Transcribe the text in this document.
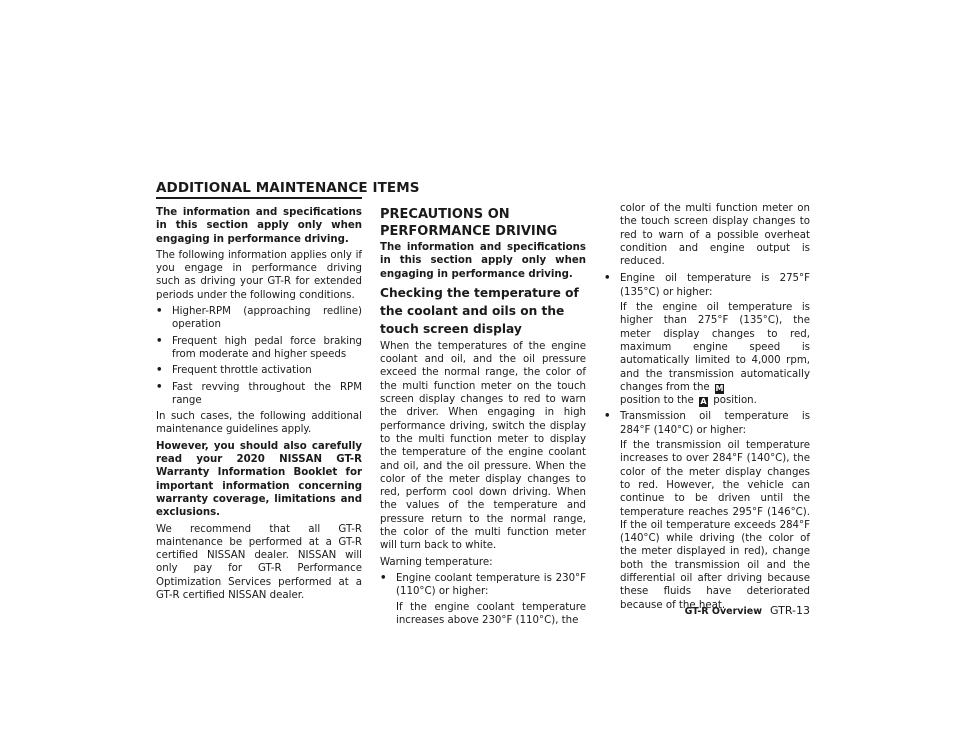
ADDITIONAL MAINTENANCE ITEMS

The information and specifications in this section apply only when engaging in performance driving.

The following information applies only if you engage in performance driving such as driving your GT-R for extended periods under the following conditions.

• Higher-RPM (approaching redline) operation
• Frequent high pedal force braking from moderate and higher speeds
• Frequent throttle activation
• Fast revving throughout the RPM range

In such cases, the following additional maintenance guidelines apply.

However, you should also carefully read your 2020 NISSAN GT-R Warranty Information Booklet for important information concerning warranty coverage, limitations and exclusions.

We recommend that all GT-R maintenance be performed at a GT-R certified NISSAN dealer. NISSAN will only pay for GT-R Performance Optimization Services performed at a GT-R certified NISSAN dealer.

PRECAUTIONS ON PERFORMANCE DRIVING

The information and specifications in this section apply only when engaging in performance driving.

Checking the temperature of the coolant and oils on the touch screen display

When the temperatures of the engine coolant and oil, and the oil pressure exceed the normal range, the color of the multi function meter on the touch screen display changes to red to warn the driver. When engaging in high performance driving, switch the display to the multi function meter to display the temperature of the engine coolant and oil, and the oil pressure. When the color of the meter display changes to red, perform cool down driving. When the values of the temperature and pressure return to the normal range, the color of the multi function meter will turn back to white.

Warning temperature:

• Engine coolant temperature is 230°F (110°C) or higher:

If the engine coolant temperature increases above 230°F (110°C), the

color of the multi function meter on the touch screen display changes to red to warn of a possible overheat condition and engine output is reduced.

• Engine oil temperature is 275°F (135°C) or higher:

If the engine oil temperature is higher than 275°F (135°C), the meter display changes to red, maximum engine speed is automatically limited to 4,000 rpm, and the transmission automatically changes from the M
position to the A position.

• Transmission oil temperature is 284°F (140°C) or higher:

If the transmission oil temperature increases to over 284°F (140°C), the color of the meter display changes to red. However, the vehicle can continue to be driven until the temperature reaches 295°F (146°C). If the oil temperature exceeds 284°F (140°C) while driving (the color of the meter displayed in red), change both the transmission oil and the differential oil after driving because these fluids have deteriorated because of the heat.

GT-R Overview GTR-13
